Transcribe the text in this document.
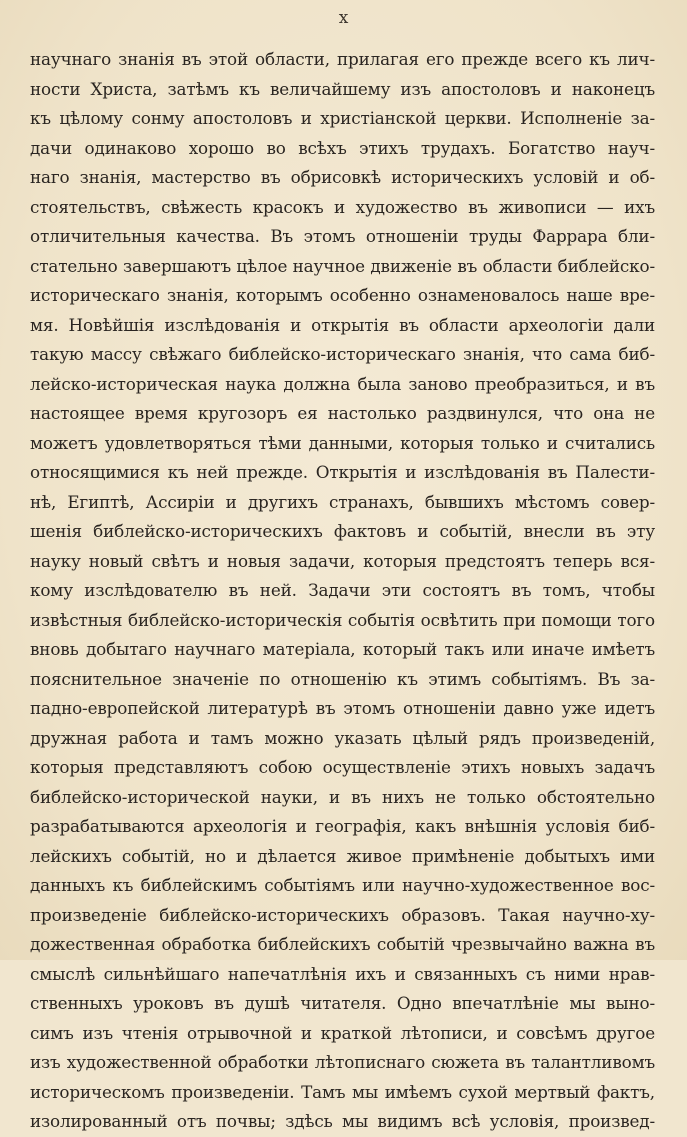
x
научнаго знанія въ этой области, прилагая его прежде всего къ лич-
ности Христа, затѣмъ къ величайшему изъ апостоловъ и наконецъ
къ цѣлому сонму апостоловъ и христіанской церкви. Исполненіе за-
дачи одинаково хорошо во всѣхъ этихъ трудахъ. Богатство науч-
наго знанія, мастерство въ обрисовкѣ историческихъ условій и об-
стоятельствъ, свѣжесть красокъ и художество въ живописи — ихъ
отличительныя качества. Въ этомъ отношеніи труды Фаррара бли-
стательно завершаютъ цѣлое научное движеніе въ области библейско-
историческаго знанія, которымъ особенно ознаменовалось наше вре-
мя. Новѣйшія изслѣдованія и открытія въ области археологіи дали
такую массу свѣжаго библейско-историческаго знанія, что сама биб-
лейско-историческая наука должна была заново преобразиться, и въ
настоящее время кругозоръ ея настолько раздвинулся, что она не
можетъ удовлетворяться тѣми данными, которыя только и считались
относящимися къ ней прежде. Открытія и изслѣдованія въ Палести-
нѣ, Египтѣ, Ассиріи и другихъ странахъ, бывшихъ мѣстомъ совер-
шенія библейско-историческихъ фактовъ и событій, внесли въ эту
науку новый свѣтъ и новыя задачи, которыя предстоятъ теперь вся-
кому изслѣдователю въ ней. Задачи эти состоятъ въ томъ, чтобы
извѣстныя библейско-историческія событія освѣтить при помощи того
вновь добытаго научнаго матеріала, который такъ или иначе имѣетъ
пояснительное значеніе по отношенію къ этимъ событіямъ. Въ за-
падно-европейской литературѣ въ этомъ отношеніи давно уже идетъ
дружная работа и тамъ можно указать цѣлый рядъ произведеній,
которыя представляютъ собою осуществленіе этихъ новыхъ задачъ
библейско-исторической науки, и въ нихъ не только обстоятельно
разрабатываются археологія и географія, какъ внѣшнія условія биб-
лейскихъ событій, но и дѣлается живое примѣненіе добытыхъ ими
данныхъ къ библейскимъ событіямъ или научно-художественное вос-
произведеніе библейско-историческихъ образовъ. Такая научно-ху-
дожественная обработка библейскихъ событій чрезвычайно важна въ
смыслѣ сильнѣйшаго напечатлѣнія ихъ и связанныхъ съ ними нрав-
ственныхъ уроковъ въ душѣ читателя. Одно впечатлѣніе мы выно-
симъ изъ чтенія отрывочной и краткой лѣтописи, и совсѣмъ другое
изъ художественной обработки лѣтописнаго сюжета въ талантливомъ
историческомъ произведеніи. Тамъ мы имѣемъ сухой мертвый фактъ,
изолированный отъ почвы; здѣсь мы видимъ всѣ условія, произвед-
